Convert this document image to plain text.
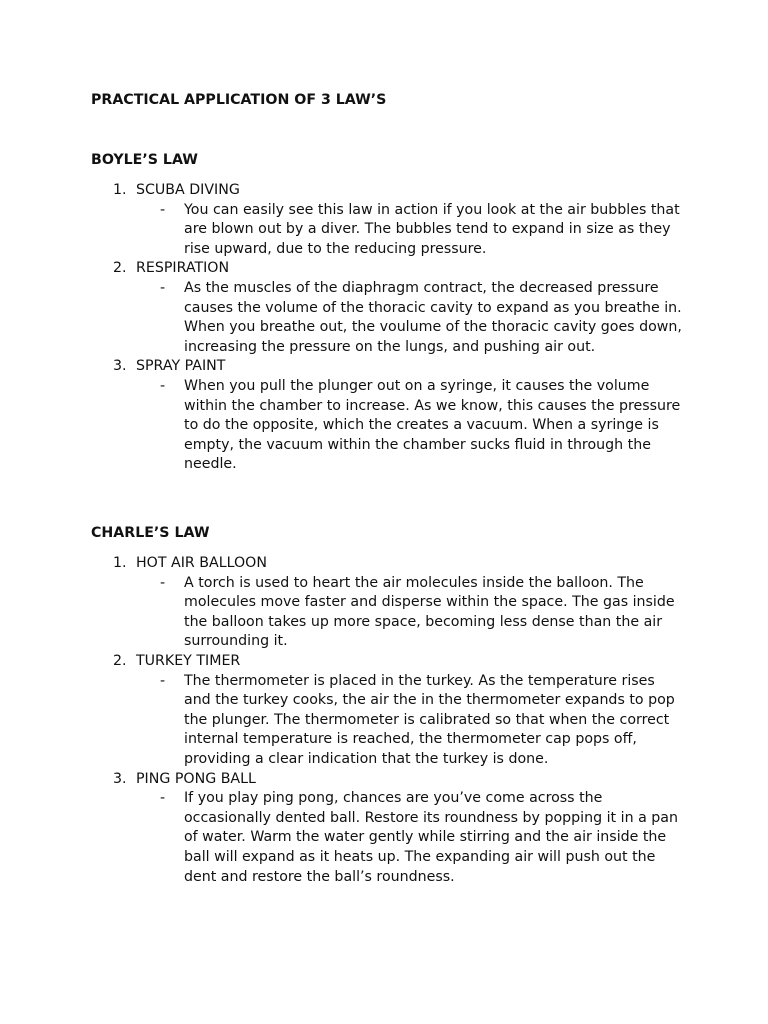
PRACTICAL APPLICATION OF 3 LAW’S
BOYLE’S LAW
1. SCUBA DIVING
- You can easily see this law in action if you look at the air bubbles that are blown out by a diver. The bubbles tend to expand in size as they rise upward, due to the reducing pressure.
2. RESPIRATION
- As the muscles of the diaphragm contract, the decreased pressure causes the volume of the thoracic cavity to expand as you breathe in. When you breathe out, the voulume of the thoracic cavity goes down, increasing the pressure on the lungs, and pushing air out.
3. SPRAY PAINT
- When you pull the plunger out on a syringe, it causes the volume within the chamber to increase. As we know, this causes the pressure to do the opposite, which the creates a vacuum. When a syringe is empty, the vacuum within the chamber sucks fluid in through the needle.
CHARLE’S LAW
1. HOT AIR BALLOON
- A torch is used to heart the air molecules inside the balloon. The molecules move faster and disperse within the space. The gas inside the balloon takes up more space, becoming less dense than the air surrounding it.
2. TURKEY TIMER
- The thermometer is placed in the turkey. As the temperature rises and the turkey cooks, the air the in the thermometer expands to pop the plunger. The thermometer is calibrated so that when the correct internal temperature is reached, the thermometer cap pops off, providing a clear indication that the turkey is done.
3. PING PONG BALL
- If you play ping pong, chances are you’ve come across the occasionally dented ball. Restore its roundness by popping it in a pan of water. Warm the water gently while stirring and the air inside the ball will expand as it heats up. The expanding air will push out the dent and restore the ball’s roundness.
